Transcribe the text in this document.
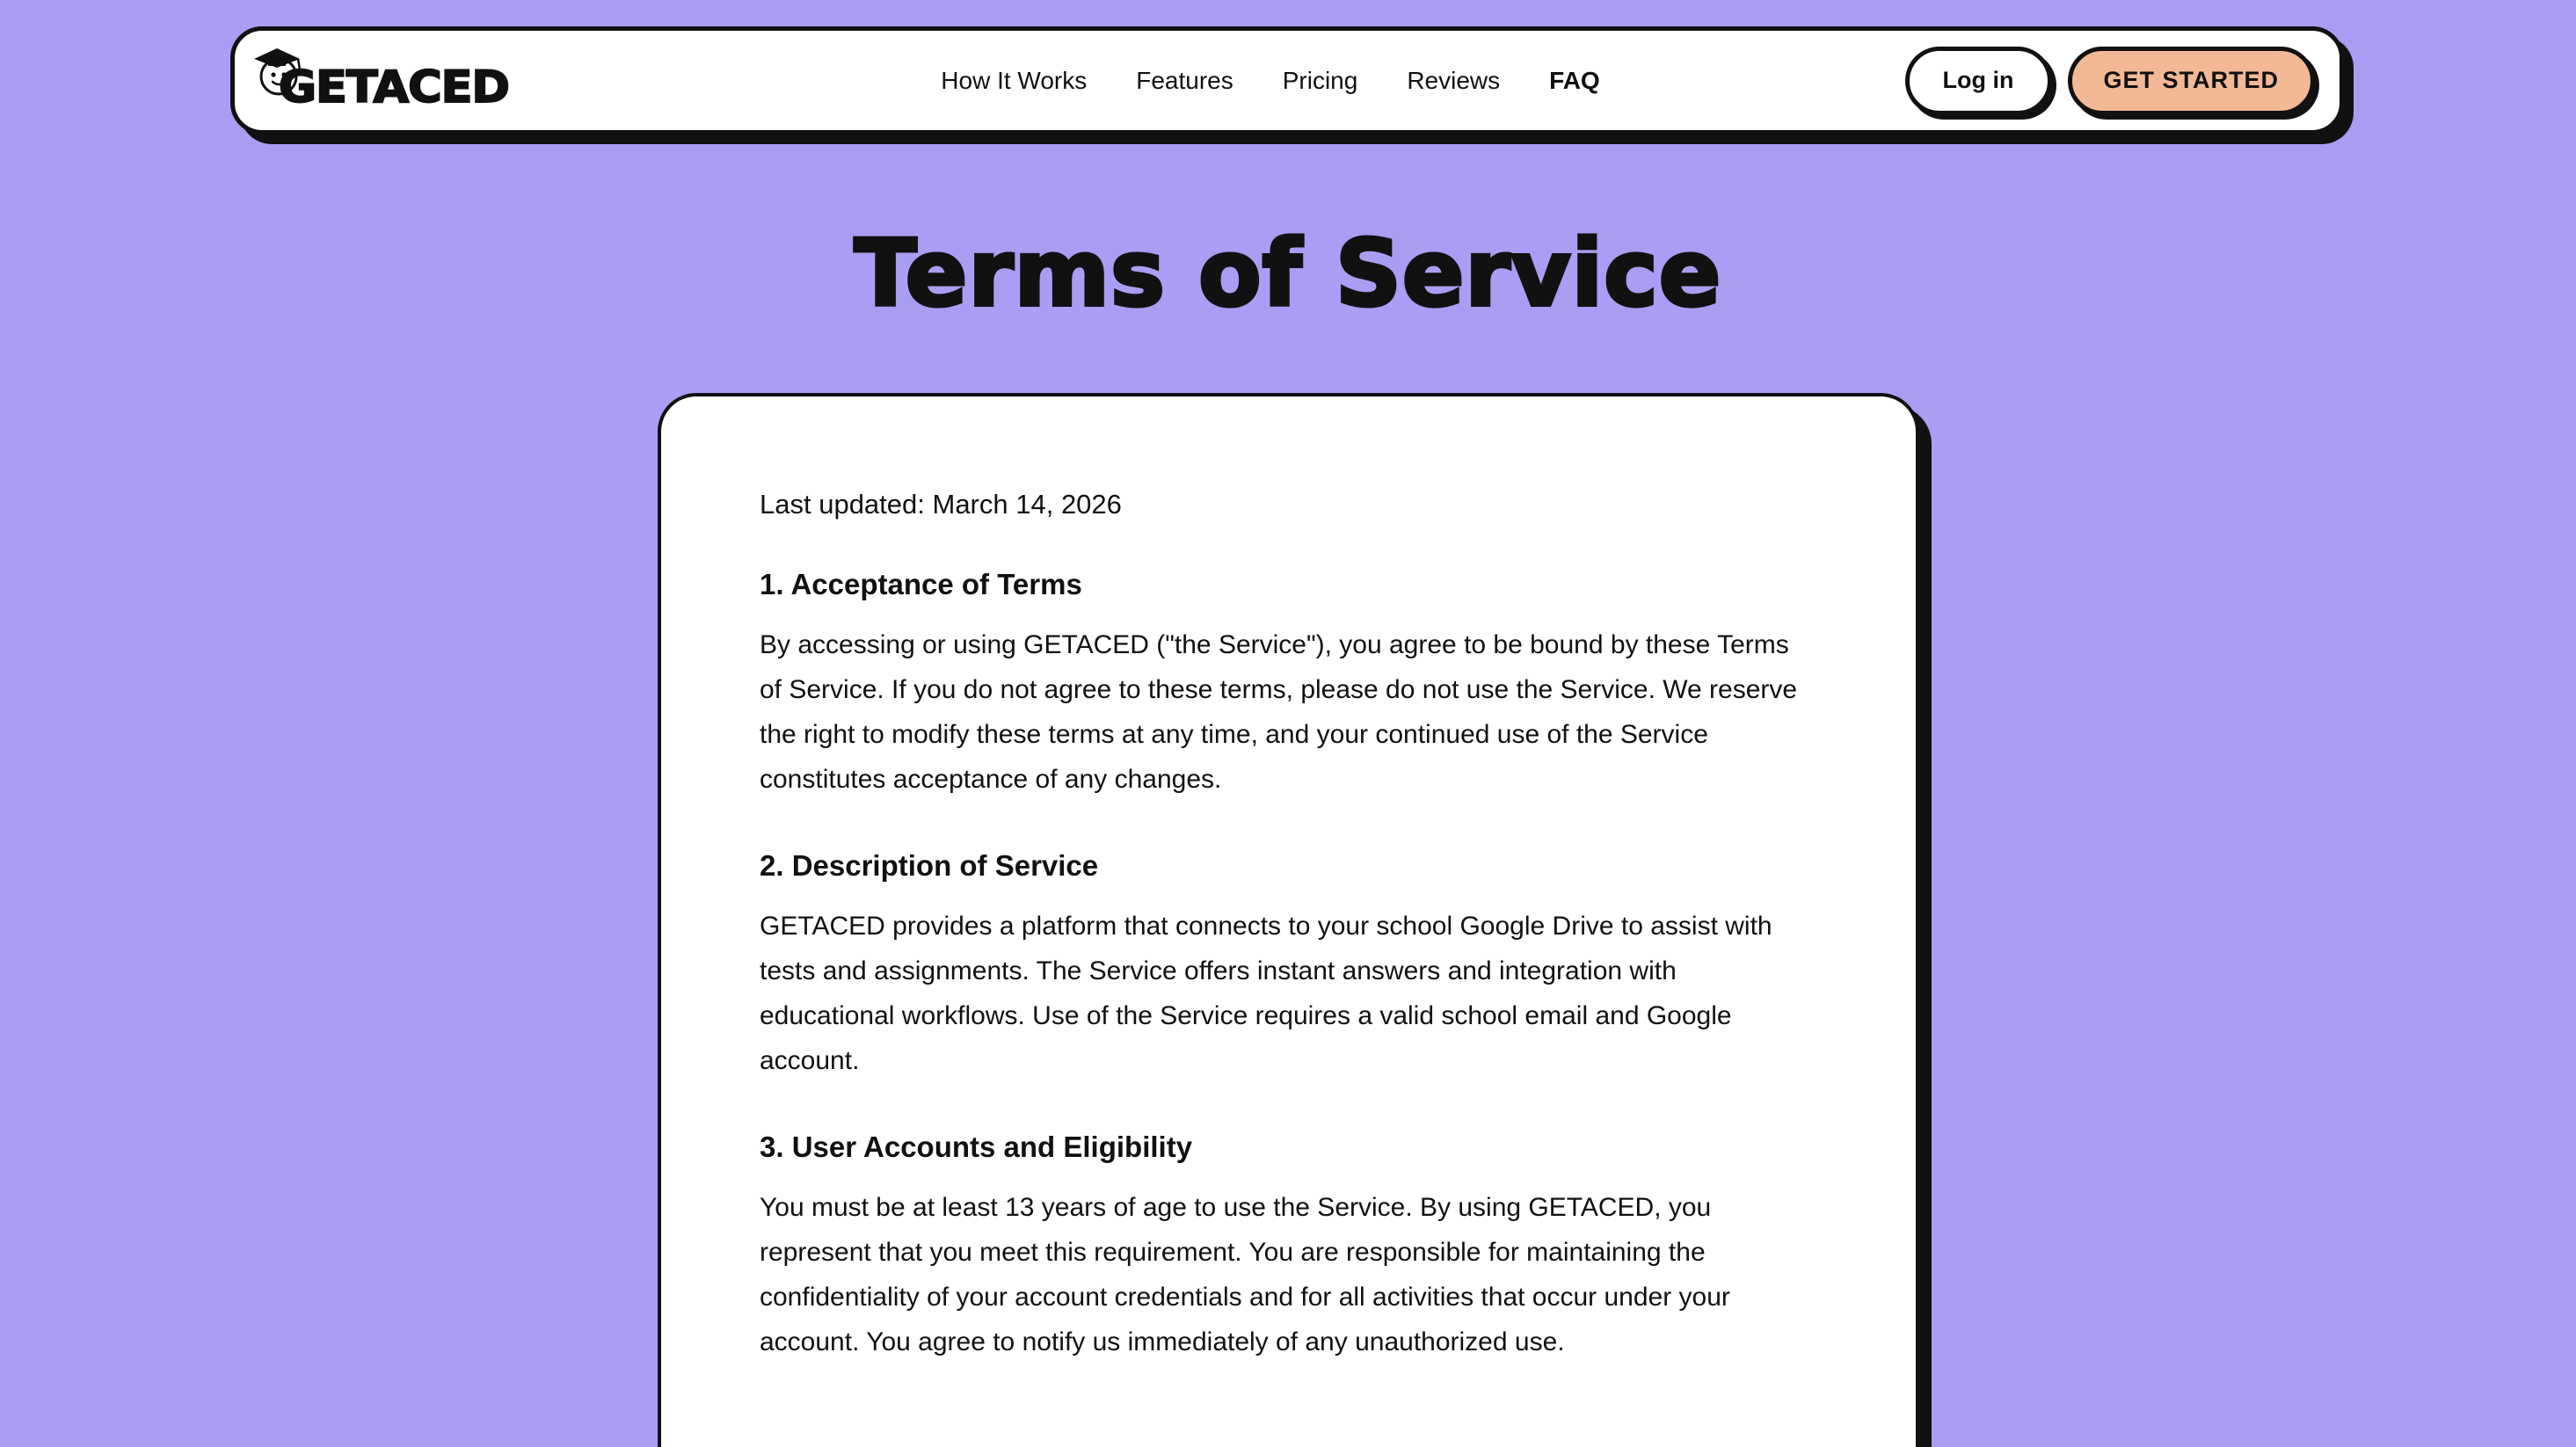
GETACED	How It Works Features Pricing Reviews FAQ	Log in	GET STARTED
Terms of Service

Last updated: March 14, 2026

1. Acceptance of Terms

By accessing or using GETACED ("the Service"), you agree to be bound by these Terms of Service. If you do not agree to these terms, please do not use the Service. We reserve the right to modify these terms at any time, and your continued use of the Service constitutes acceptance of any changes.

2. Description of Service

GETACED provides a platform that connects to your school Google Drive to assist with tests and assignments. The Service offers instant answers and integration with educational workflows. Use of the Service requires a valid school email and Google account.

3. User Accounts and Eligibility

You must be at least 13 years of age to use the Service. By using GETACED, you represent that you meet this requirement. You are responsible for maintaining the confidentiality of your account credentials and for all activities that occur under your account. You agree to notify us immediately of any unauthorized use.
